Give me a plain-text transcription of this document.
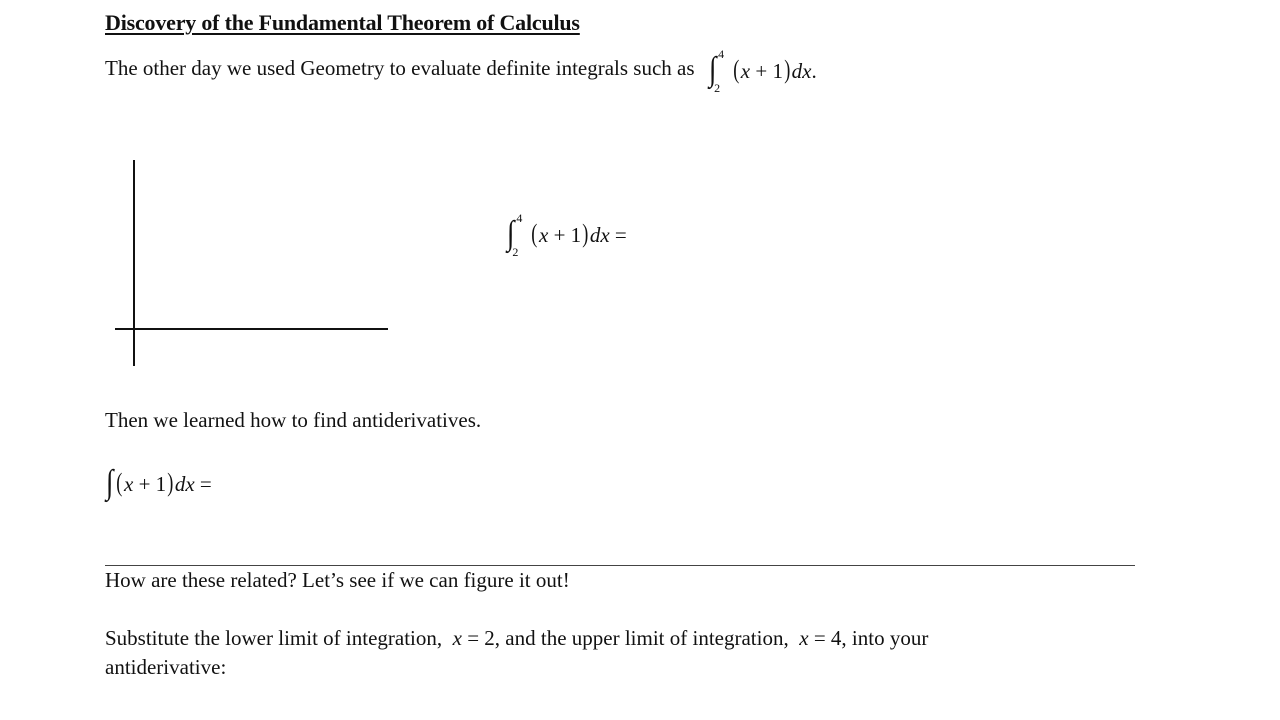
Discovery of the Fundamental Theorem of Calculus
The other day we used Geometry to evaluate definite integrals such as ∫ 4
2
(x + 1)dx.
∫ 4
2
(x + 1)dx =
Then we learned how to find antiderivatives.
∫ (x + 1)dx =
How are these related? Let’s see if we can figure it out!
Substitute the lower limit of integration, x = 2, and the upper limit of integration, x = 4, into your
antiderivative:
